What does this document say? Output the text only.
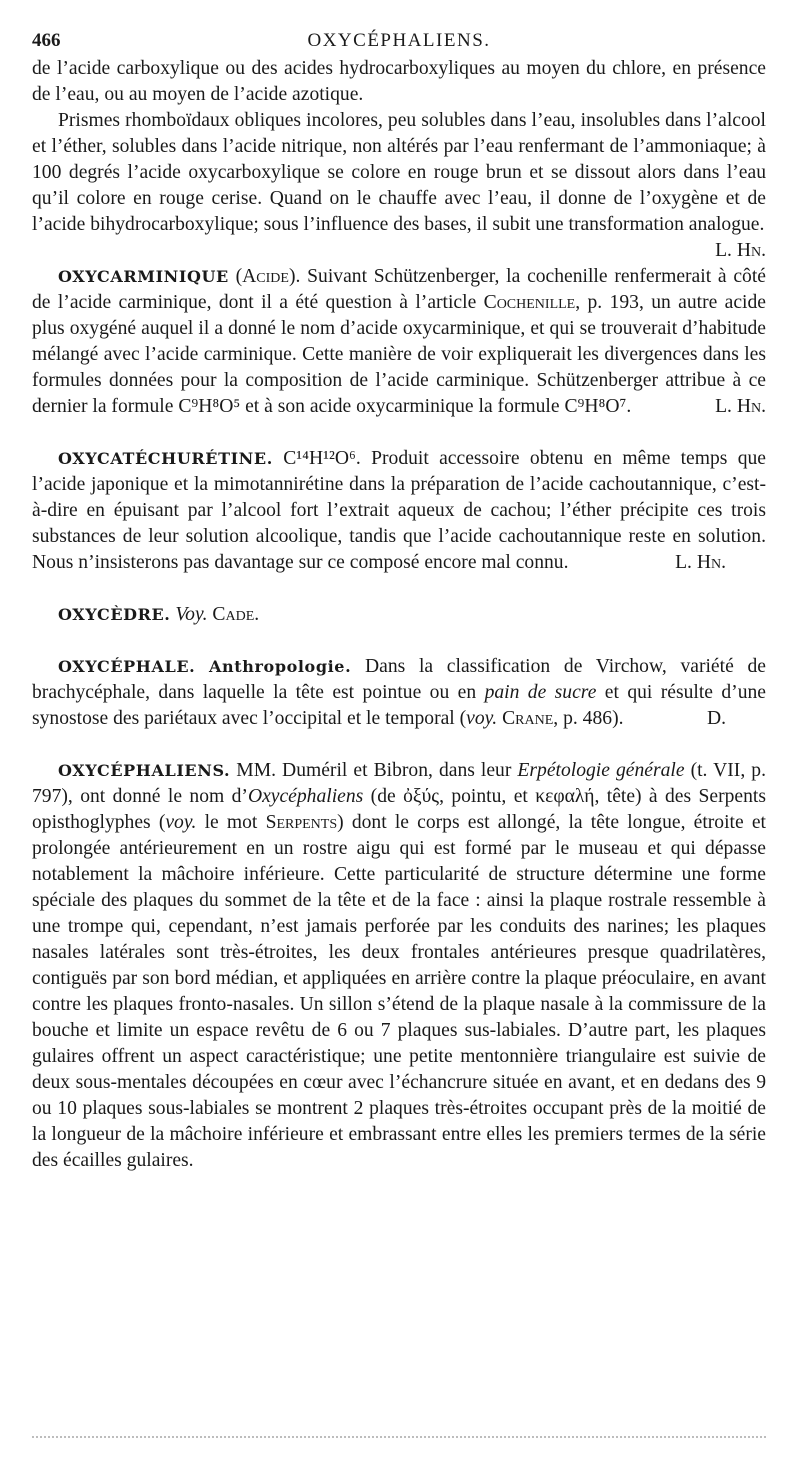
466	OXYCÉPHALIENS.

de l’acide carboxylique ou des acides hydrocarboxyliques au moyen du chlore, en présence de l’eau, ou au moyen de l’acide azotique.

Prismes rhomboïdaux obliques incolores, peu solubles dans l’eau, insolubles dans l’alcool et l’éther, solubles dans l’acide nitrique, non altérés par l’eau renfermant de l’ammoniaque; à 100 degrés l’acide oxycarboxylique se colore en rouge brun et se dissout alors dans l’eau qu’il colore en rouge cerise. Quand on le chauffe avec l’eau, il donne de l’oxygène et de l’acide bihydrocarboxylique; sous l’influence des bases, il subit une transformation analogue.
L. Hn.

OXYCARMINIQUE (Acide). Suivant Schützenberger, la cochenille renfermerait à côté de l’acide carminique, dont il a été question à l’article Cochenille, p. 193, un autre acide plus oxygéné auquel il a donné le nom d’acide oxycarminique, et qui se trouverait d’habitude mélangé avec l’acide carminique. Cette manière de voir expliquerait les divergences dans les formules données pour la composition de l’acide carminique. Schützenberger attribue à ce dernier la formule C⁹H⁸O⁵ et à son acide oxycarminique la formule C⁹H⁸O⁷.	L. Hn.

OXYCATÉCHURÉTINE. C¹⁴H¹²O⁶. Produit accessoire obtenu en même temps que l’acide japonique et la mimotannirétine dans la préparation de l’acide cachoutannique, c’est-à-dire en épuisant par l’alcool fort l’extrait aqueux de cachou; l’éther précipite ces trois substances de leur solution alcoolique, tandis que l’acide cachoutannique reste en solution. Nous n’insisterons pas davantage sur ce composé encore mal connu.	L. Hn.

OXYCÈDRE. Voy. Cade.

OXYCÉPHALE. Anthropologie. Dans la classification de Virchow, variété de brachycéphale, dans laquelle la tête est pointue ou en pain de sucre et qui résulte d’une synostose des pariétaux avec l’occipital et le temporal (voy. Crane, p. 486).	D.

OXYCÉPHALIENS. MM. Duméril et Bibron, dans leur Erpétologie générale (t. VII, p. 797), ont donné le nom d’Oxycéphaliens (de ὀξύς, pointu, et κεφαλή, tête) à des Serpents opisthoglyphes (voy. le mot Serpents) dont le corps est allongé, la tête longue, étroite et prolongée antérieurement en un rostre aigu qui est formé par le museau et qui dépasse notablement la mâchoire inférieure. Cette particularité de structure détermine une forme spéciale des plaques du sommet de la tête et de la face : ainsi la plaque rostrale ressemble à une trompe qui, cependant, n’est jamais perforée par les conduits des narines; les plaques nasales latérales sont très-étroites, les deux frontales antérieures presque quadrilatères, contiguës par son bord médian, et appliquées en arrière contre la plaque préoculaire, en avant contre les plaques fronto-nasales. Un sillon s’étend de la plaque nasale à la commissure de la bouche et limite un espace revêtu de 6 ou 7 plaques sus-labiales. D’autre part, les plaques gulaires offrent un aspect caractéristique; une petite mentonnière triangulaire est suivie de deux sous-mentales découpées en cœur avec l’échancrure située en avant, et en dedans des 9 ou 10 plaques sous-labiales se montrent 2 plaques très-étroites occupant près de la moitié de la longueur de la mâchoire inférieure et embrassant entre elles les premiers termes de la série des écailles gulaires.
